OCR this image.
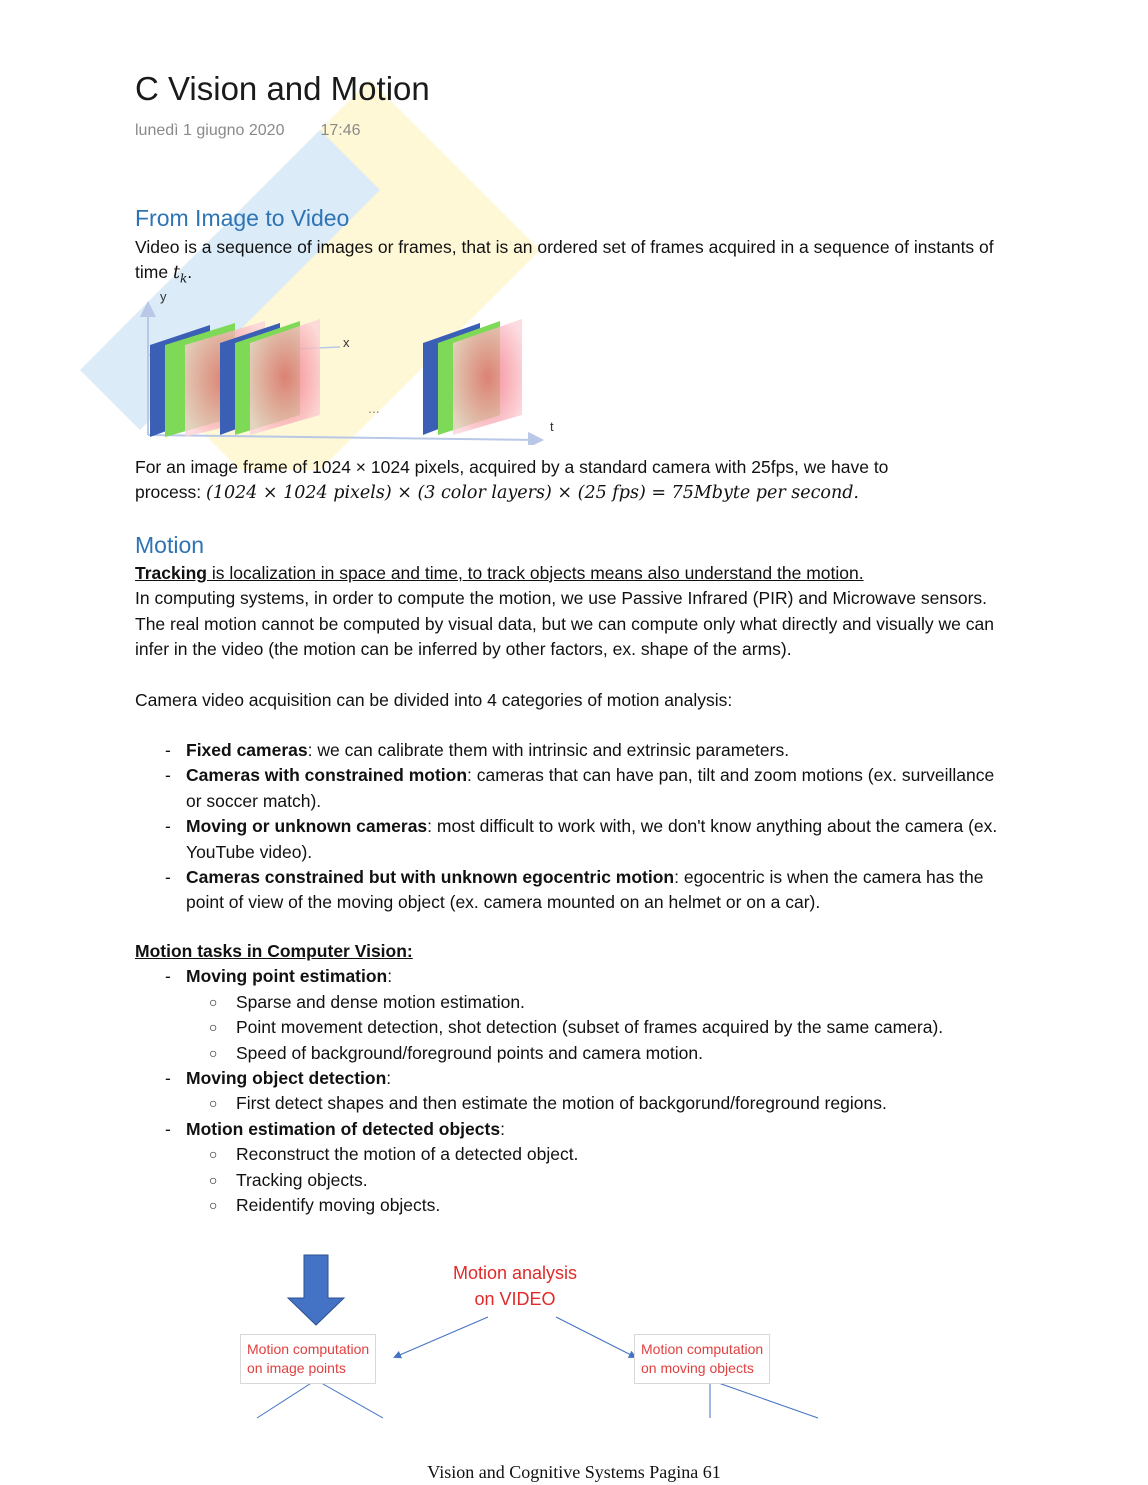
C Vision and Motion
lunedì 1 giugno 2020 17:46
From Image to Video
Video is a sequence of images or frames, that is an ordered set of frames acquired in a sequence of instants of time $t_k$.
y
x
t
...
For an image frame of 1024 × 1024 pixels, acquired by a standard camera with 25fps, we have to
process: (1024 × 1024 pixels) × (3 color layers) × (25 fps) = 75Mbyte per second.
Motion
Tracking is localization in space and time, to track objects means also understand the motion.
In computing systems, in order to compute the motion, we use Passive Infrared (PIR) and Microwave sensors.
The real motion cannot be computed by visual data, but we can compute only what directly and visually we can infer in the video (the motion can be inferred by other factors, ex. shape of the arms).
Camera video acquisition can be divided into 4 categories of motion analysis:
- Fixed cameras: we can calibrate them with intrinsic and extrinsic parameters.
- Cameras with constrained motion: cameras that can have pan, tilt and zoom motions (ex. surveillance or soccer match).
- Moving or unknown cameras: most difficult to work with, we don't know anything about the camera (ex. YouTube video).
- Cameras constrained but with unknown egocentric motion: egocentric is when the camera has the point of view of the moving object (ex. camera mounted on an helmet or on a car).
Motion tasks in Computer Vision:
- Moving point estimation:
○ Sparse and dense motion estimation.
○ Point movement detection, shot detection (subset of frames acquired by the same camera).
○ Speed of background/foreground points and camera motion.
- Moving object detection:
○ First detect shapes and then estimate the motion of backgorund/foreground regions.
- Motion estimation of detected objects:
○ Reconstruct the motion of a detected object.
○ Tracking objects.
○ Reidentify moving objects.
Motion analysis
on VIDEO
Motion computation
on image points
Motion computation
on moving objects
Vision and Cognitive Systems Pagina 61
